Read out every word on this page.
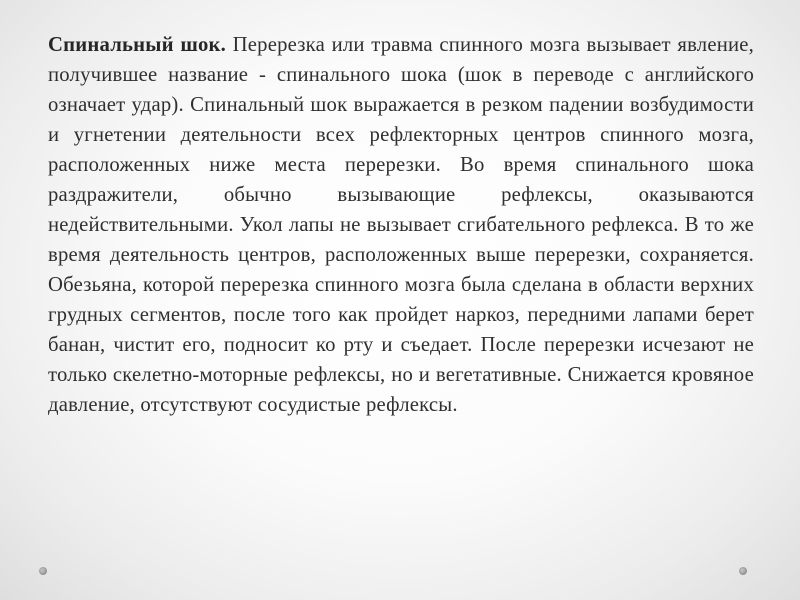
Спинальный шок. Перерезка или травма спинного мозга вызывает явление, получившее название - спинального шока (шок в переводе с английского означает удар). Спинальный шок выражается в резком падении возбудимости и угнетении деятельности всех рефлекторных центров спинного мозга, расположенных ниже места перерезки. Во время спинального шока раздражители, обычно вызывающие рефлексы, оказываются недействительными. Укол лапы не вызывает сгибательного рефлекса. В то же время деятельность центров, расположенных выше перерезки, сохраняется. Обезьяна, которой перерезка спинного мозга была сделана в области верхних грудных сегментов, после того как пройдет наркоз, передними лапами берет банан, чистит его, подносит ко рту и съедает. После перерезки исчезают не только скелетно-моторные рефлексы, но и вегетативные. Снижается кровяное давление, отсутствуют сосудистые рефлексы.
